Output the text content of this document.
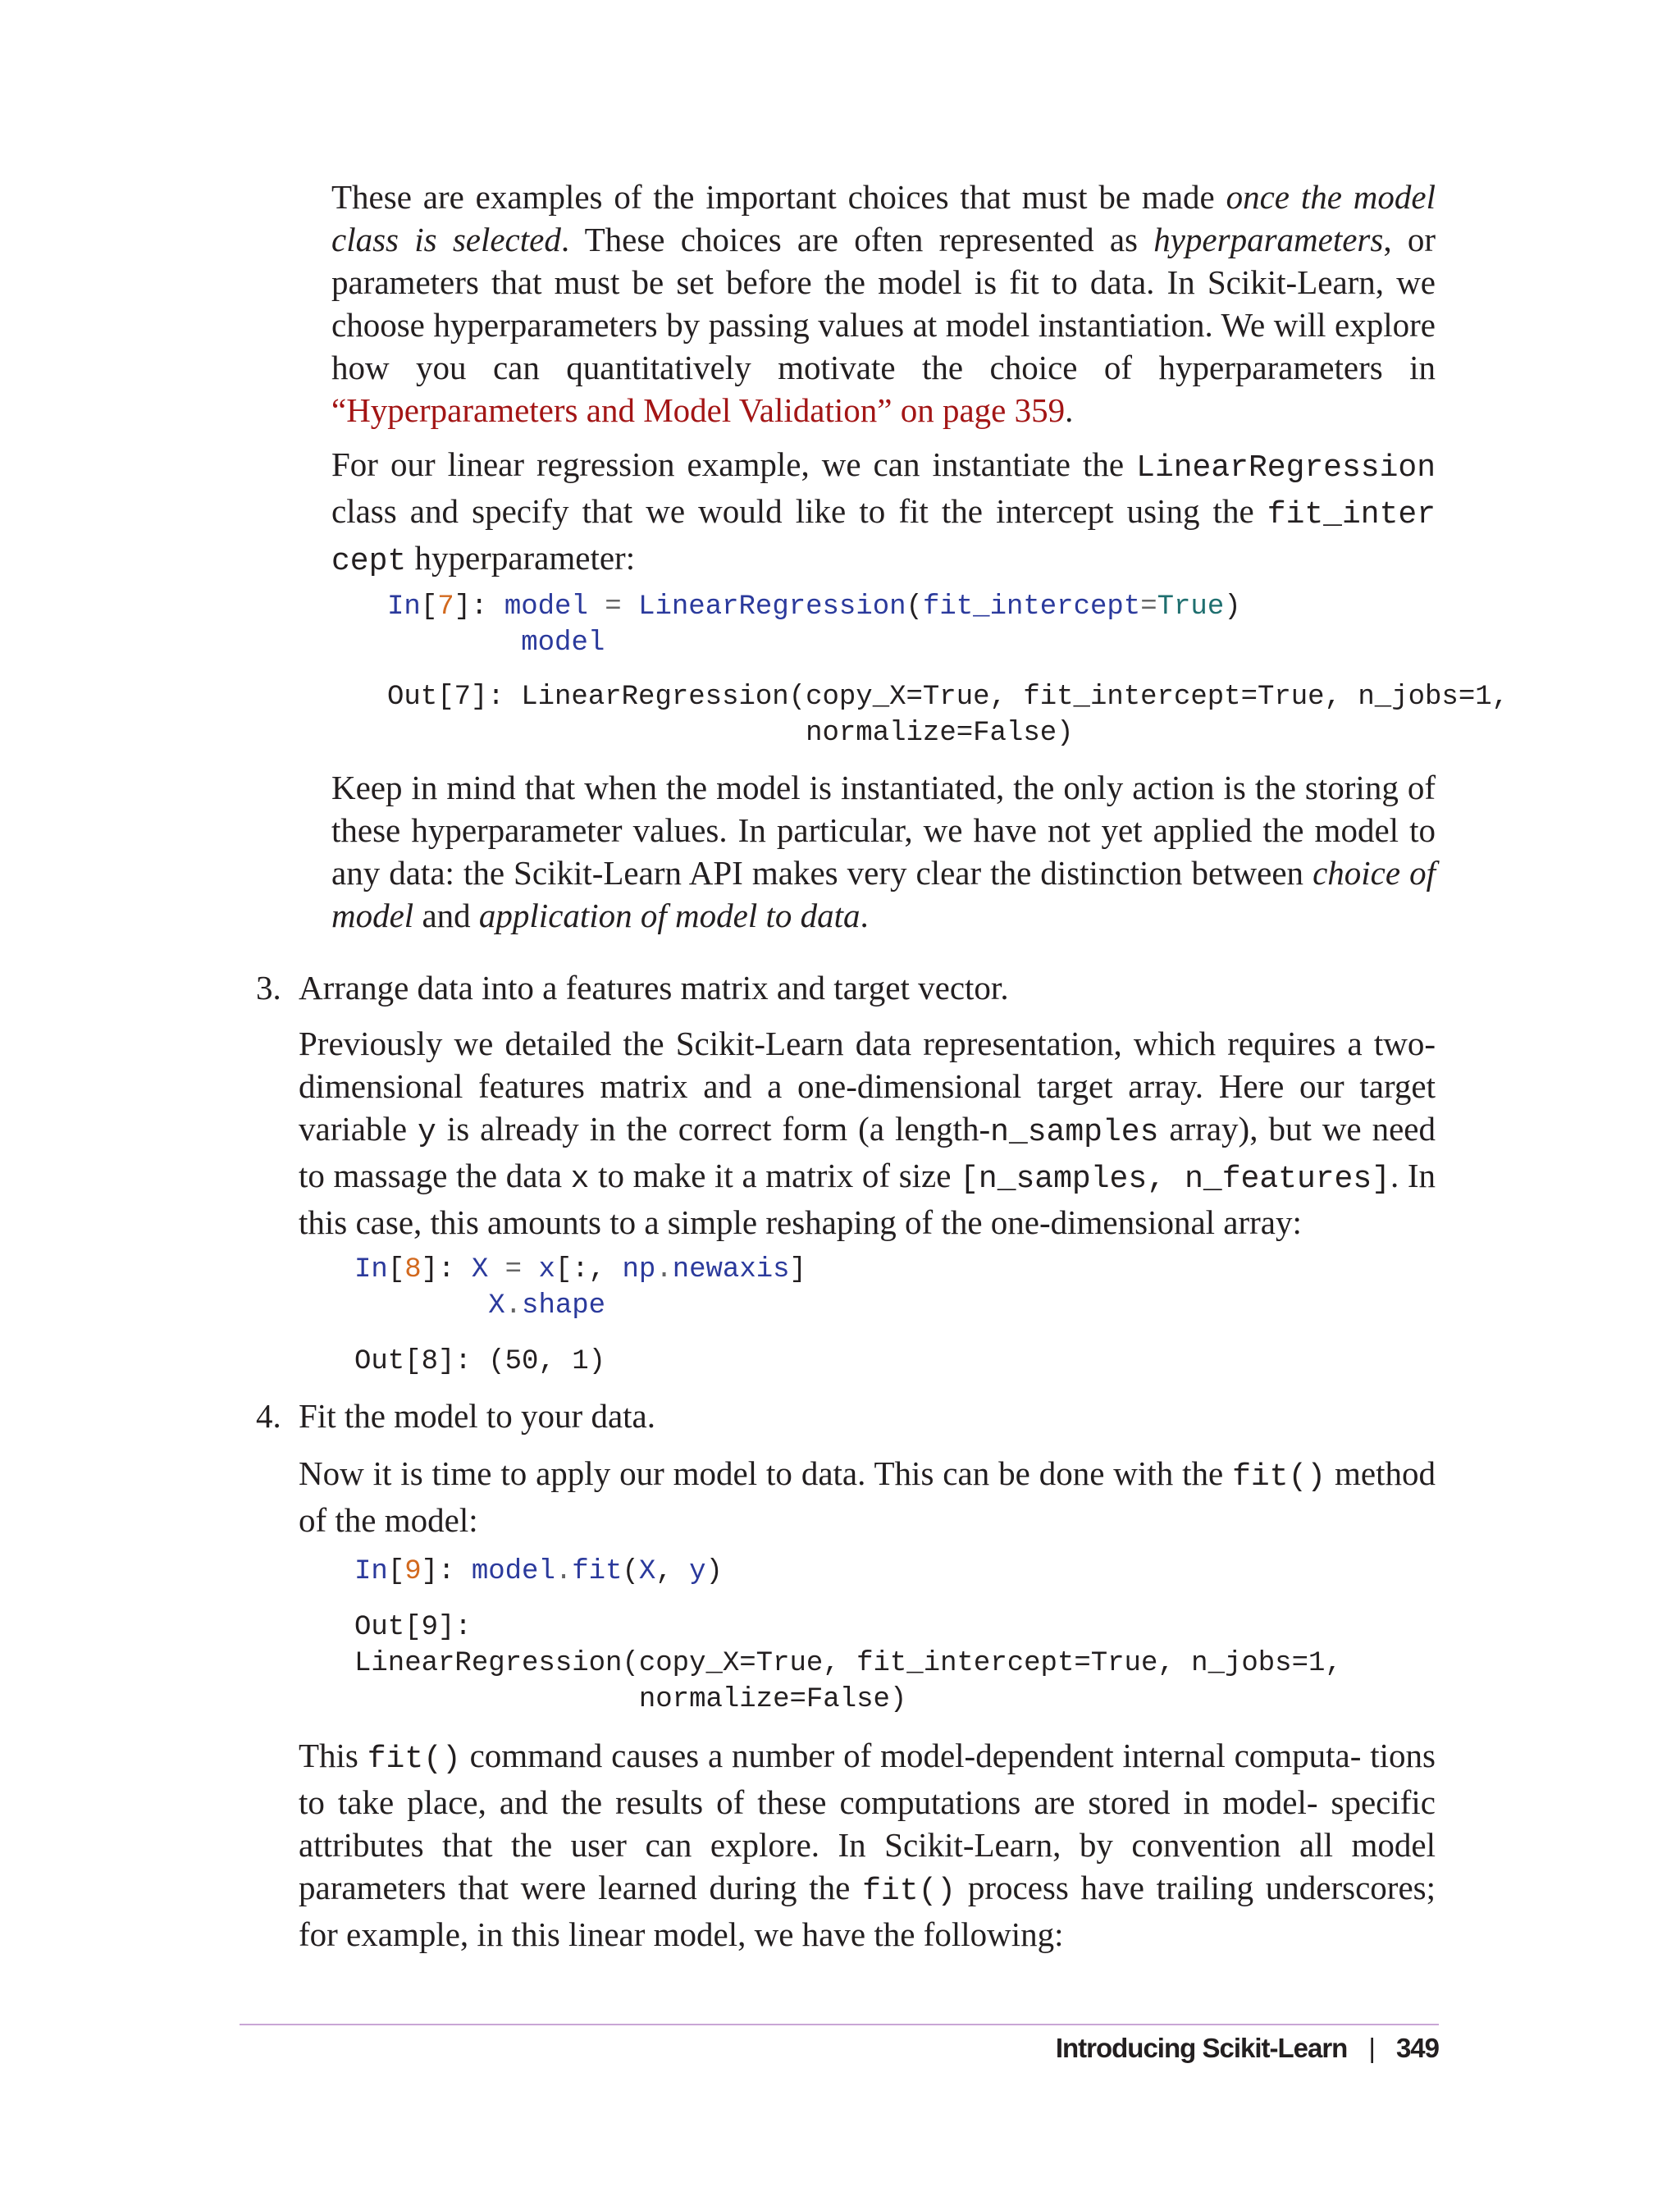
These are examples of the important choices that must be made once the model class is selected. These choices are often represented as hyperparameters, or parameters that must be set before the model is fit to data. In Scikit-Learn, we choose hyperparameters by passing values at model instantiation. We will explore how you can quantitatively motivate the choice of hyperparameters in “Hyperparameters and Model Validation” on page 359.

For our linear regression example, we can instantiate the LinearRegression class and specify that we would like to fit the intercept using the fit_inter cept hyperparameter:

In[7]: model = LinearRegression(fit_intercept=True)
model
Out[7]: LinearRegression(copy_X=True, fit_intercept=True, n_jobs=1,
normalize=False)

Keep in mind that when the model is instantiated, the only action is the storing of these hyperparameter values. In particular, we have not yet applied the model to any data: the Scikit-Learn API makes very clear the distinction between choice of model and application of model to data.

3. Arrange data into a features matrix and target vector.

Previously we detailed the Scikit-Learn data representation, which requires a two-dimensional features matrix and a one-dimensional target array. Here our target variable y is already in the correct form (a length-n_samples array), but we need to massage the data x to make it a matrix of size [n_samples, n_features]. In this case, this amounts to a simple reshaping of the one-dimensional array:

In[8]: X = x[:, np.newaxis]
X.shape
Out[8]: (50, 1)
4. Fit the model to your data.

Now it is time to apply our model to data. This can be done with the fit() method of the model:

In[9]: model.fit(X, y)
Out[9]:
LinearRegression(copy_X=True, fit_intercept=True, n_jobs=1,
normalize=False)

This fit() command causes a number of model-dependent internal computa- tions to take place, and the results of these computations are stored in model- specific attributes that the user can explore. In Scikit-Learn, by convention all model parameters that were learned during the fit() process have trailing underscores; for example, in this linear model, we have the following:

Introducing Scikit-Learn | 349
